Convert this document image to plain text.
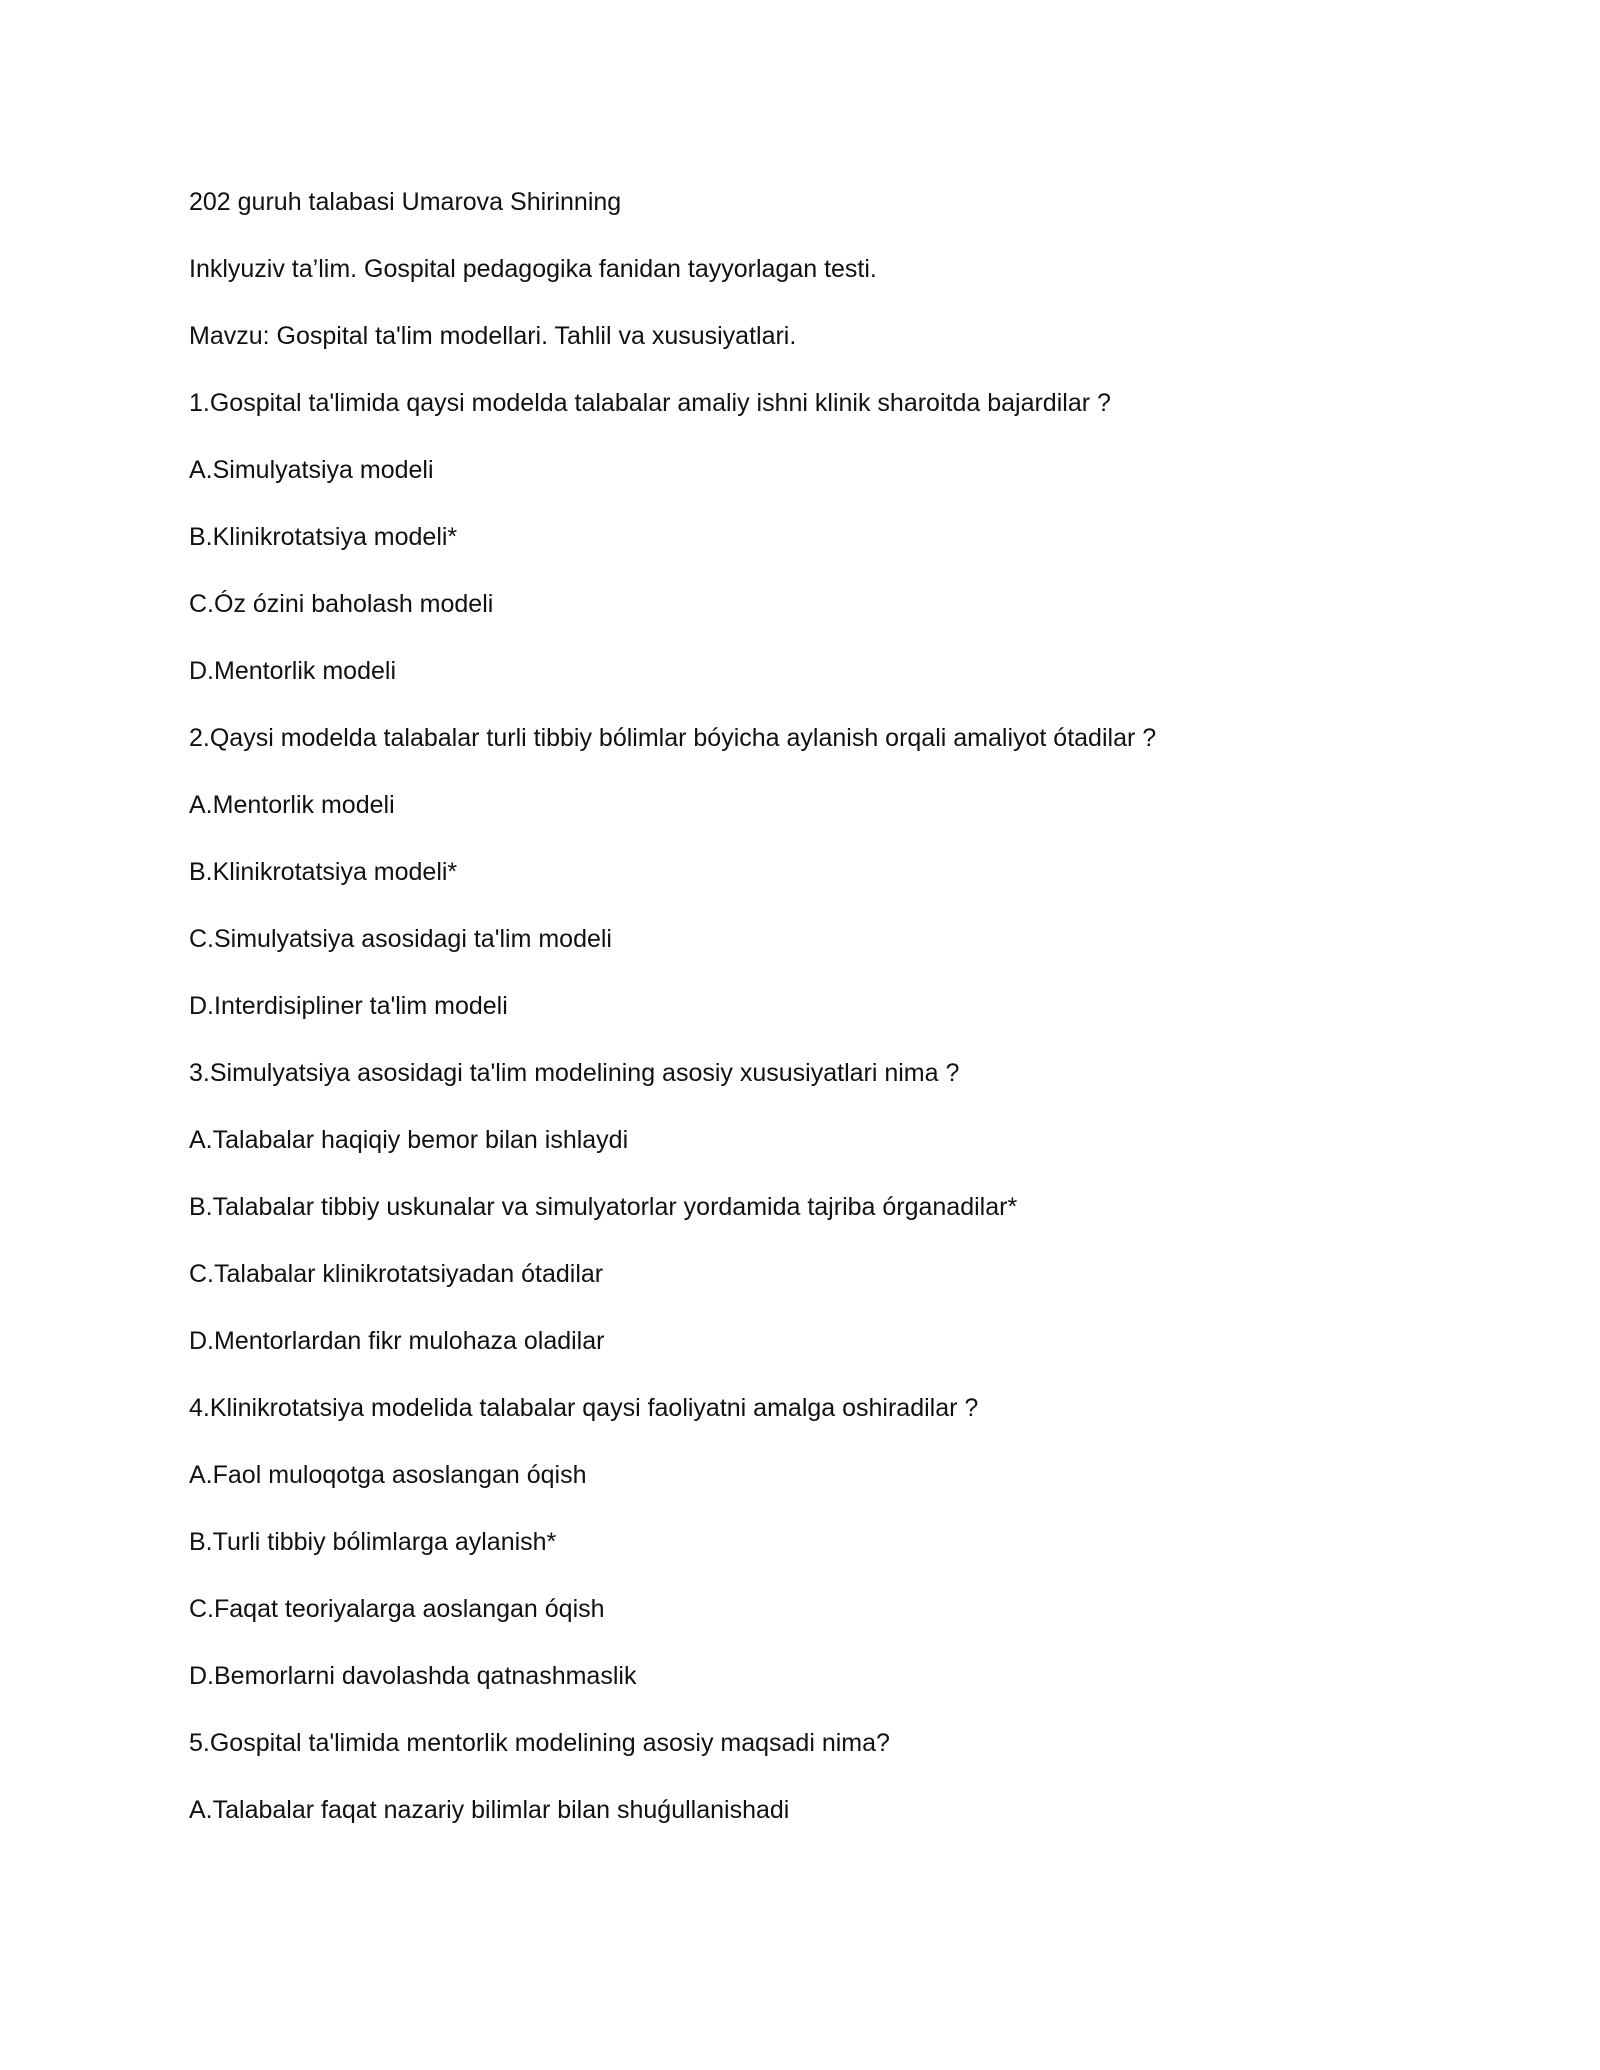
202 guruh talabasi Umarova Shirinning
Inklyuziv ta’lim. Gospital pedagogika fanidan tayyorlagan testi.
Mavzu: Gospital ta'lim modellari. Tahlil va xususiyatlari.
1.Gospital ta'limida qaysi modelda talabalar amaliy ishni klinik sharoitda bajardilar ?
A.Simulyatsiya modeli
B.Klinikrotatsiya modeli*
C.Óz ózini baholash modeli
D.Mentorlik modeli
2.Qaysi modelda talabalar turli tibbiy bólimlar bóyicha aylanish orqali amaliyot ótadilar ?
A.Mentorlik modeli
B.Klinikrotatsiya modeli*
C.Simulyatsiya asosidagi ta'lim modeli
D.Interdisipliner ta'lim modeli
3.Simulyatsiya asosidagi ta'lim modelining asosiy xususiyatlari nima ?
A.Talabalar haqiqiy bemor bilan ishlaydi
B.Talabalar tibbiy uskunalar va simulyatorlar yordamida tajriba órganadilar*
C.Talabalar klinikrotatsiyadan ótadilar
D.Mentorlardan fikr mulohaza oladilar
4.Klinikrotatsiya modelida talabalar qaysi faoliyatni amalga oshiradilar ?
A.Faol muloqotga asoslangan óqish
B.Turli tibbiy bólimlarga aylanish*
C.Faqat teoriyalarga aoslangan óqish
D.Bemorlarni davolashda qatnashmaslik
5.Gospital ta'limida mentorlik modelining asosiy maqsadi nima?
A.Talabalar faqat nazariy bilimlar bilan shuǵullanishadi
